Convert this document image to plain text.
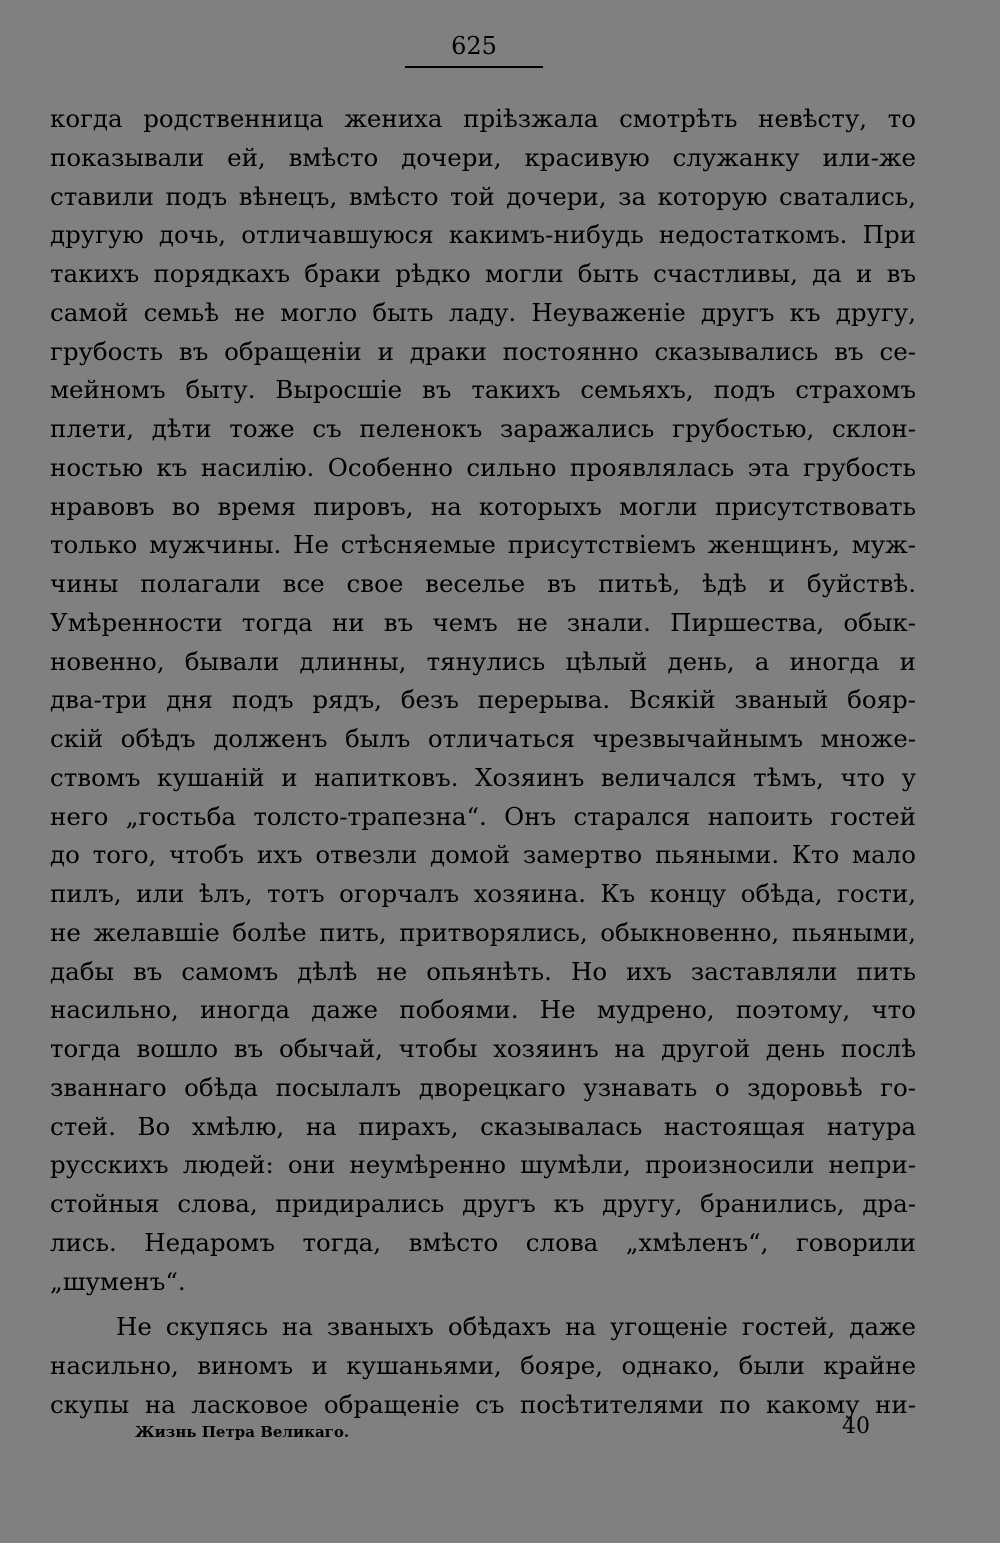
625
когда родственница жениха пріѣзжала смотрѣть невѣсту, то
показывали ей, вмѣсто дочери, красивую служанку или-же
ставили подъ вѣнецъ, вмѣсто той дочери, за которую сватались,
другую дочь, отличавшуюся какимъ-нибудь недостаткомъ. При
такихъ порядкахъ браки рѣдко могли быть счастливы, да и въ
самой семьѣ не могло быть ладу. Неуваженіе другъ къ другу,
грубость въ обращеніи и драки постоянно сказывались въ се-
мейномъ быту. Выросшіе въ такихъ семьяхъ, подъ страхомъ
плети, дѣти тоже съ пеленокъ заражались грубостью, склон-
ностью къ насилію. Особенно сильно проявлялась эта грубость
нравовъ во время пировъ, на которыхъ могли присутствовать
только мужчины. Не стѣсняемые присутствіемъ женщинъ, муж-
чины полагали все свое веселье въ питьѣ, ѣдѣ и буйствѣ.
Умѣренности тогда ни въ чемъ не знали. Пиршества, обык-
новенно, бывали длинны, тянулись цѣлый день, а иногда и
два-три дня подъ рядъ, безъ перерыва. Всякій званый бояр-
скій обѣдъ долженъ былъ отличаться чрезвычайнымъ множе-
ствомъ кушаній и напитковъ. Хозяинъ величался тѣмъ, что у
него „гостьба толсто-трапезна“. Онъ старался напоить гостей
до того, чтобъ ихъ отвезли домой замертво пьяными. Кто мало
пилъ, или ѣлъ, тотъ огорчалъ хозяина. Къ концу обѣда, гости,
не желавшіе болѣе пить, притворялись, обыкновенно, пьяными,
дабы въ самомъ дѣлѣ не опьянѣть. Но ихъ заставляли пить
насильно, иногда даже побоями. Не мудрено, поэтому, что
тогда вошло въ обычай, чтобы хозяинъ на другой день послѣ
званнаго обѣда посылалъ дворецкаго узнавать о здоровьѣ го-
стей. Во хмѣлю, на пирахъ, сказывалась настоящая натура
русскихъ людей: они неумѣренно шумѣли, произносили непри-
стойныя слова, придирались другъ къ другу, бранились, дра-
лись. Недаромъ тогда, вмѣсто слова „хмѣленъ“, говорили
„шуменъ“.
Не скупясь на званыхъ обѣдахъ на угощеніе гостей, даже
насильно, виномъ и кушаньями, бояре, однако, были крайне
скупы на ласковое обращеніе съ посѣтителями по какому ни-
Жизнь Петра Великаго.	40
